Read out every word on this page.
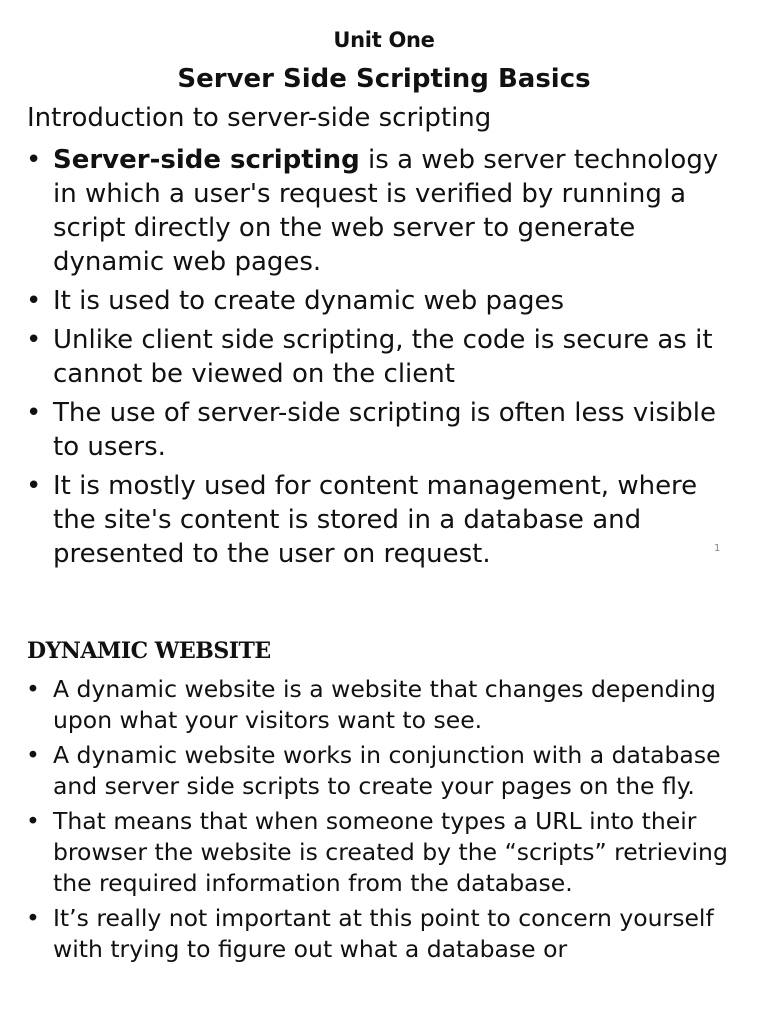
Unit One
Server Side Scripting Basics
Introduction to server-side scripting
• Server-side scripting is a web server technology in which a user's request is verified by running a script directly on the web server to generate dynamic web pages.
• It is used to create dynamic web pages
• Unlike client side scripting, the code is secure as it cannot be viewed on the client
• The use of server-side scripting is often less visible to users.
• It is mostly used for content management, where the site's content is stored in a database and presented to the user on request.	1
DYNAMIC WEBSITE
• A dynamic website is a website that changes depending upon what your visitors want to see.
• A dynamic website works in conjunction with a database and server side scripts to create your pages on the fly.
• That means that when someone types a URL into their browser the website is created by the “scripts” retrieving the required information from the database.
• It’s really not important at this point to concern yourself with trying to figure out what a database or
